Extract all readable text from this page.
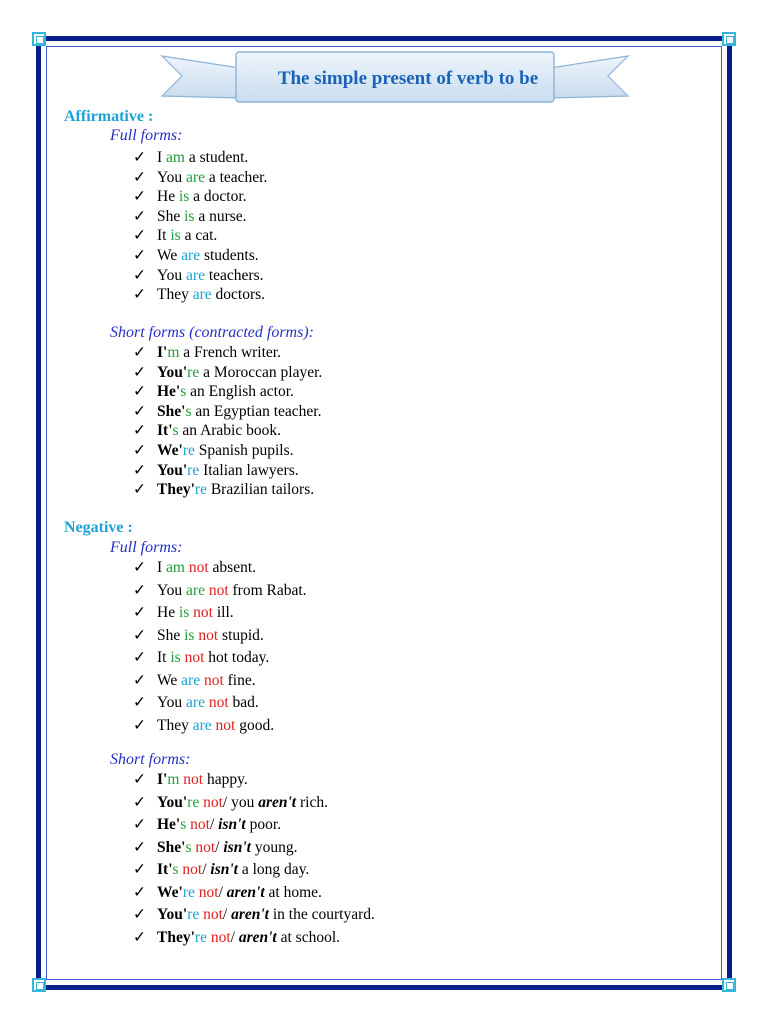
The simple present of verb to be
Affirmative :
Full forms:
✓ I am a student.
✓ You are a teacher.
✓ He is a doctor.
✓ She is a nurse.
✓ It is a cat.
✓ We are students.
✓ You are teachers.
✓ They are doctors.
Short forms (contracted forms):
✓ I'm a French writer.
✓ You're a Moroccan player.
✓ He's an English actor.
✓ She's an Egyptian teacher.
✓ It's an Arabic book.
✓ We're Spanish pupils.
✓ You're Italian lawyers.
✓ They're Brazilian tailors.
Negative :
Full forms:
✓ I am not absent.
✓ You are not from Rabat.
✓ He is not ill.
✓ She is not stupid.
✓ It is not hot today.
✓ We are not fine.
✓ You are not bad.
✓ They are not good.
Short forms:
✓ I'm not happy.
✓ You're not/ you aren't rich.
✓ He's not/ isn't poor.
✓ She's not/ isn't young.
✓ It's not/ isn't a long day.
✓ We're not/ aren't at home.
✓ You're not/ aren't in the courtyard.
✓ They're not/ aren't at school.
